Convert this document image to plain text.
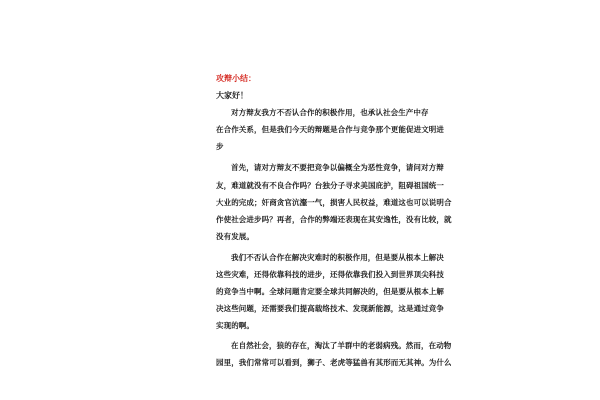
攻辩小结：
大家好！
对方辩友我方不否认合作的积极作用，也承认社会生产中存
在合作关系，但是我们今天的辩题是合作与竞争那个更能促进文明进
步
首先，请对方辩友不要把竞争以偏概全为恶性竞争，请问对方辩
友，难道就没有不良合作吗？台独分子寻求美国庇护，阻碍祖国统一
大业的完成；奸商贪官沆瀣一气，损害人民权益，难道这也可以说明合
作使社会进步吗？再者，合作的弊端还表现在其安逸性，没有比较，就
没有发展。
我们不否认合作在解决灾难时的积极作用，但是要从根本上解决
这些灾难，还得依靠科技的进步，还得依靠我们投入到世界顶尖科技
的竞争当中啊。全球问题肯定要全球共同解决的，但是要从根本上解
决这些问题，还需要我们提高载络技术、发现新能源，这是通过竞争
实现的啊。
在自然社会，狼的存在，淘汰了羊群中的老弱病残。然而，在动物
园里，我们常常可以看到，狮子、老虎等猛兽有其形而无其神。为什么
